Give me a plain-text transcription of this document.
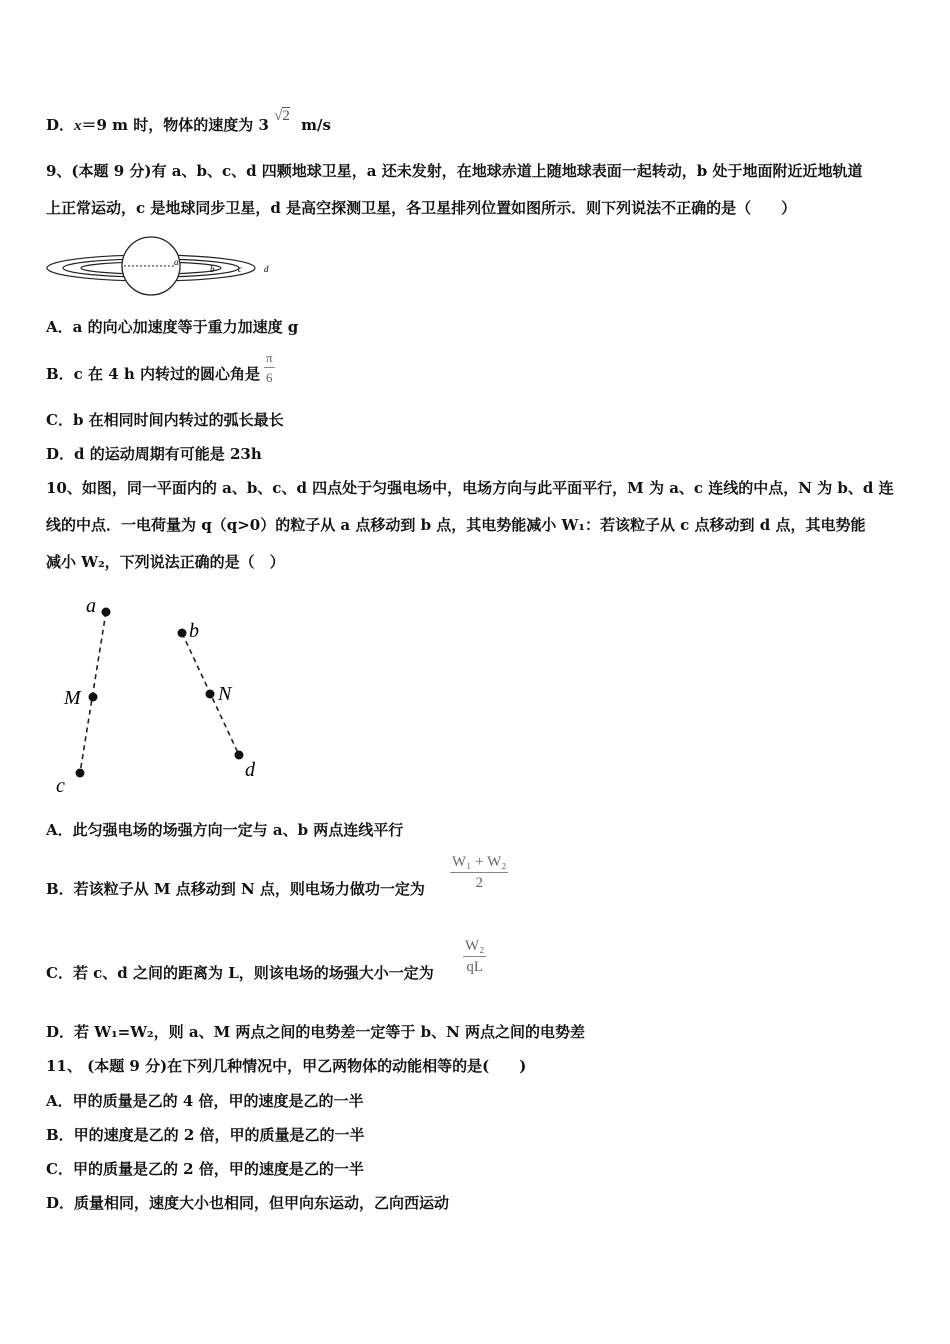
D．x＝9 m 时，物体的速度为 3 √2 m/s
9、(本题 9 分)有 a、b、c、d 四颗地球卫星，a 还未发射，在地球赤道上随地球表面一起转动，b 处于地面附近近地轨道
上正常运动，c 是地球同步卫星，d 是高空探测卫星，各卫星排列位置如图所示．则下列说法不正确的是（　　）
a
b	c d
A．a 的向心加速度等于重力加速度 g
B．c 在 4 h 内转过的圆心角是 $\frac{\pi}{6}$
C．b 在相同时间内转过的弧长最长
D．d 的运动周期有可能是 23h
10、如图，同一平面内的 a、b、c、d 四点处于匀强电场中，电场方向与此平面平行，M 为 a、c 连线的中点，N 为 b、d 连
线的中点．一电荷量为 q（q>0）的粒子从 a 点移动到 b 点，其电势能减小 W₁：若该粒子从 c 点移动到 d 点，其电势能
减小 W₂，下列说法正确的是（　）
a
M
c
b
N
d
A．此匀强电场的场强方向一定与 a、b 两点连线平行
B．若该粒子从 M 点移动到 N 点，则电场力做功一定为 $\frac{\text{W₁ + W₂}}{2}$
C．若 c、d 之间的距离为 L，则该电场的场强大小一定为 $\frac{\text{W₂}}{qL}$
D．若 W₁=W₂，则 a、M 两点之间的电势差一定等于 b、N 两点之间的电势差
11、 (本题 9 分)在下列几种情况中，甲乙两物体的动能相等的是(　　)
A．甲的质量是乙的 4 倍，甲的速度是乙的一半
B．甲的速度是乙的 2 倍，甲的质量是乙的一半
C．甲的质量是乙的 2 倍，甲的速度是乙的一半
D．质量相同，速度大小也相同，但甲向东运动，乙向西运动
